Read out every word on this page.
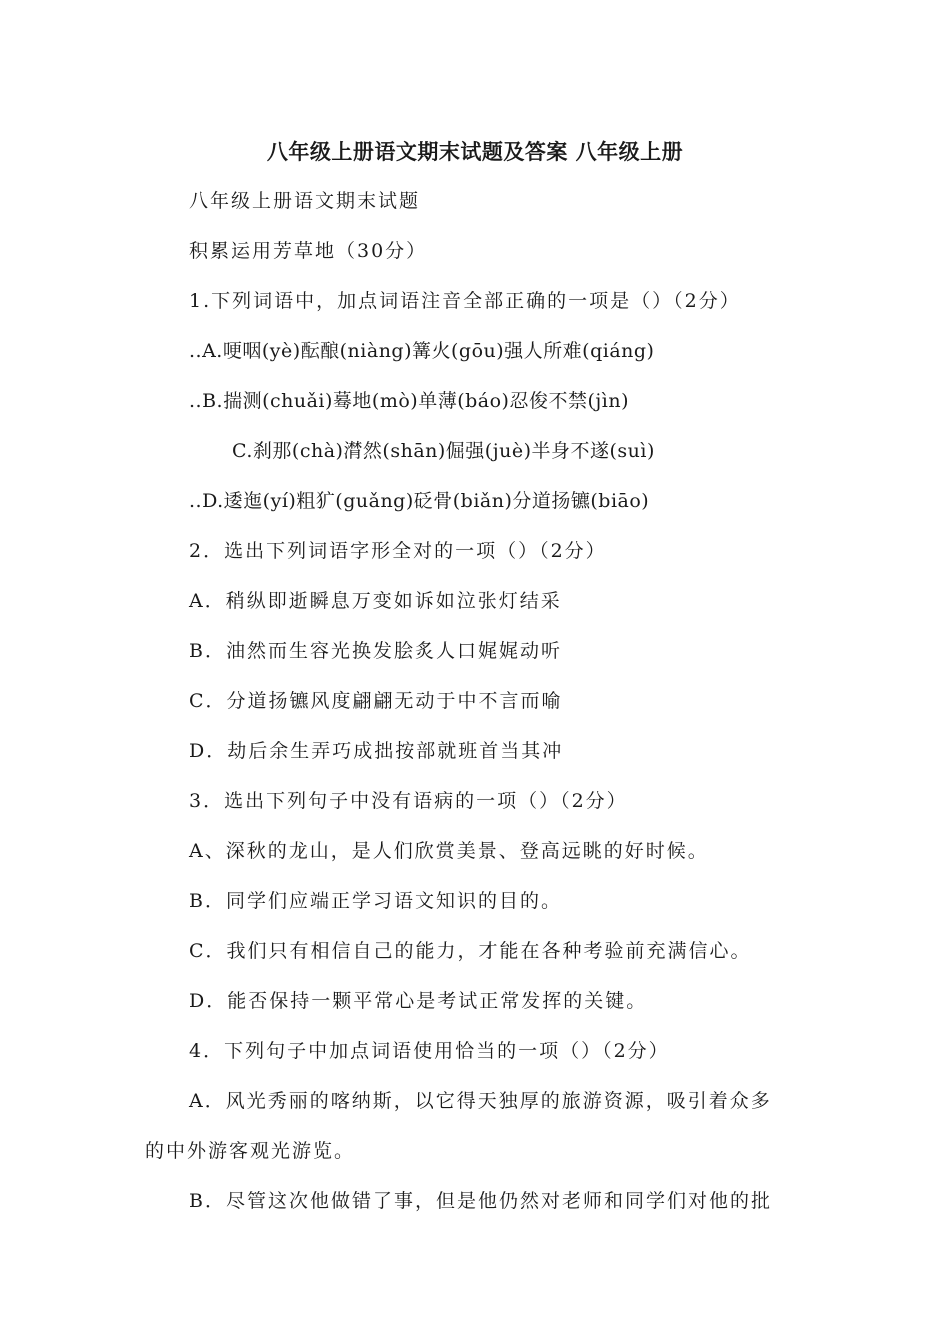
八年级上册语文期末试题及答案 八年级上册
八年级上册语文期末试题
积累运用芳草地（30分）
1.下列词语中，加点词语注音全部正确的一项是（）（2分）
..A.哽咽(yè)酝酿(niàng)篝火(gōu)强人所难(qiáng)
..B.揣测(chuǎi)蓦地(mò)单薄(báo)忍俊不禁(jìn)
C.刹那(chà)潸然(shān)倔强(juè)半身不遂(suì)
..D.逶迤(yí)粗犷(guǎng)砭骨(biǎn)分道扬镳(biāo)
2．选出下列词语字形全对的一项（）（2分）
A．稍纵即逝瞬息万变如诉如泣张灯结采
B．油然而生容光换发脍炙人口娓娓动听
C．分道扬镳风度翩翩无动于中不言而喻
D．劫后余生弄巧成拙按部就班首当其冲
3．选出下列句子中没有语病的一项（）（2分）
A、深秋的龙山，是人们欣赏美景、登高远眺的好时候。
B．同学们应端正学习语文知识的目的。
C．我们只有相信自己的能力，才能在各种考验前充满信心。
D．能否保持一颗平常心是考试正常发挥的关键。
4．下列句子中加点词语使用恰当的一项（）（2分）
A．风光秀丽的喀纳斯，以它得天独厚的旅游资源，吸引着众多
的中外游客观光游览。
B．尽管这次他做错了事，但是他仍然对老师和同学们对他的批
